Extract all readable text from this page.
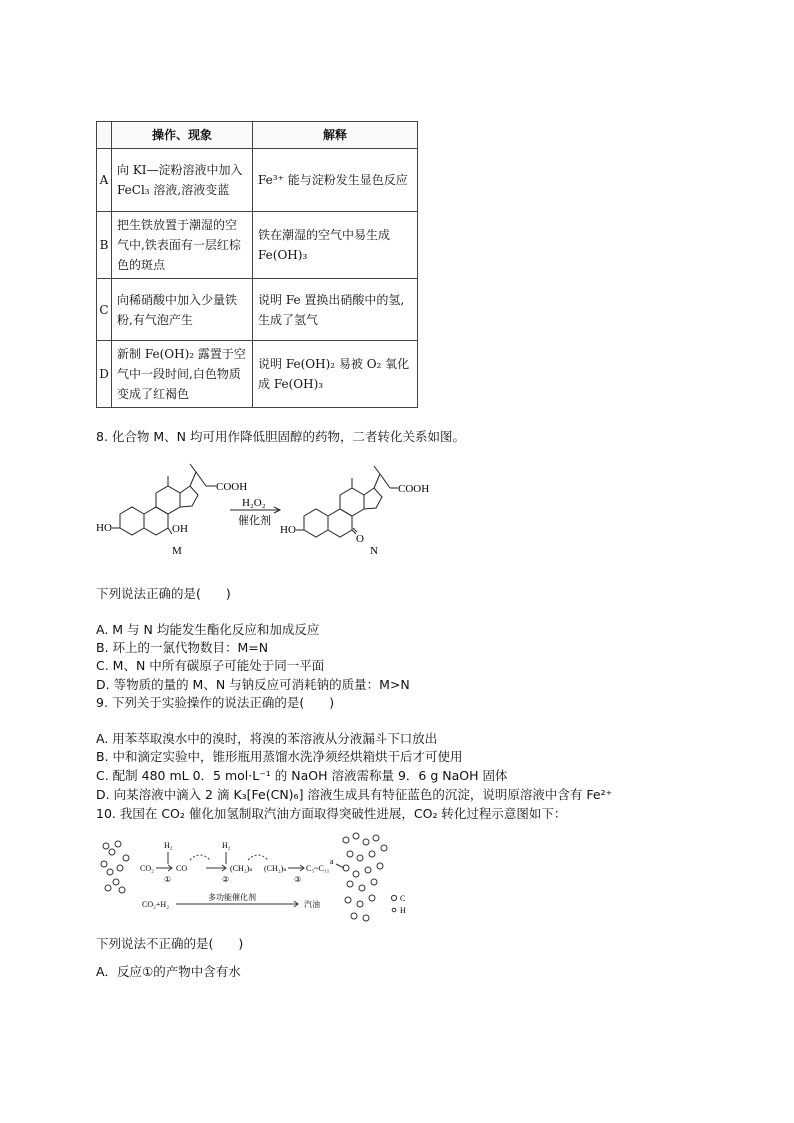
	操作、现象	解释
A	向 KI—淀粉溶液中加入 FeCl₃ 溶液,溶液变蓝	Fe³⁺ 能与淀粉发生显色反应
B	把生铁放置于潮湿的空气中,铁表面有一层红棕色的斑点	铁在潮湿的空气中易生成 Fe(OH)₃
C	向稀硝酸中加入少量铁粉,有气泡产生	说明 Fe 置换出硝酸中的氢,生成了氢气
D	新制 Fe(OH)₂ 露置于空气中一段时间,白色物质变成了红褐色	说明 Fe(OH)₂ 易被 O₂ 氧化成 Fe(OH)₃
8. 化合物 M、N 均可用作降低胆固醇的药物，二者转化关系如图。
COOH
HO	OH
M
H₂O₂
催化剂
COOH
HO
O
N
下列说法正确的是(　　)
A. M 与 N 均能发生酯化反应和加成反应
B. 环上的一氯代物数目：M=N
C. M、N 中所有碳原子可能处于同一平面
D. 等物质的量的 M、N 与钠反应可消耗钠的质量：M>N
9. 下列关于实验操作的说法正确的是(　　)
A. 用苯萃取溴水中的溴时，将溴的苯溶液从分液漏斗下口放出
B. 中和滴定实验中，锥形瓶用蒸馏水洗净须经烘箱烘干后才可使用
C. 配制 480 mL 0．5 mol·L⁻¹ 的 NaOH 溶液需称量 9．6 g NaOH 固体
D. 向某溶液中滴入 2 滴 K₃[Fe(CN)₆] 溶液生成具有特征蓝色的沉淀，说明原溶液中含有 Fe²⁺
10. 我国在 CO₂ 催化加氢制取汽油方面取得突破性进展，CO₂ 转化过程示意图如下：
H₂	H₂
CO₂	CO	(CH₂)ₙ (CH₂)ₙ C₅~C₁₁
①	②	③
a
CO₂+H₂
多功能催化剂
汽油
C
H
下列说法不正确的是(　　)
A．反应①的产物中含有水
